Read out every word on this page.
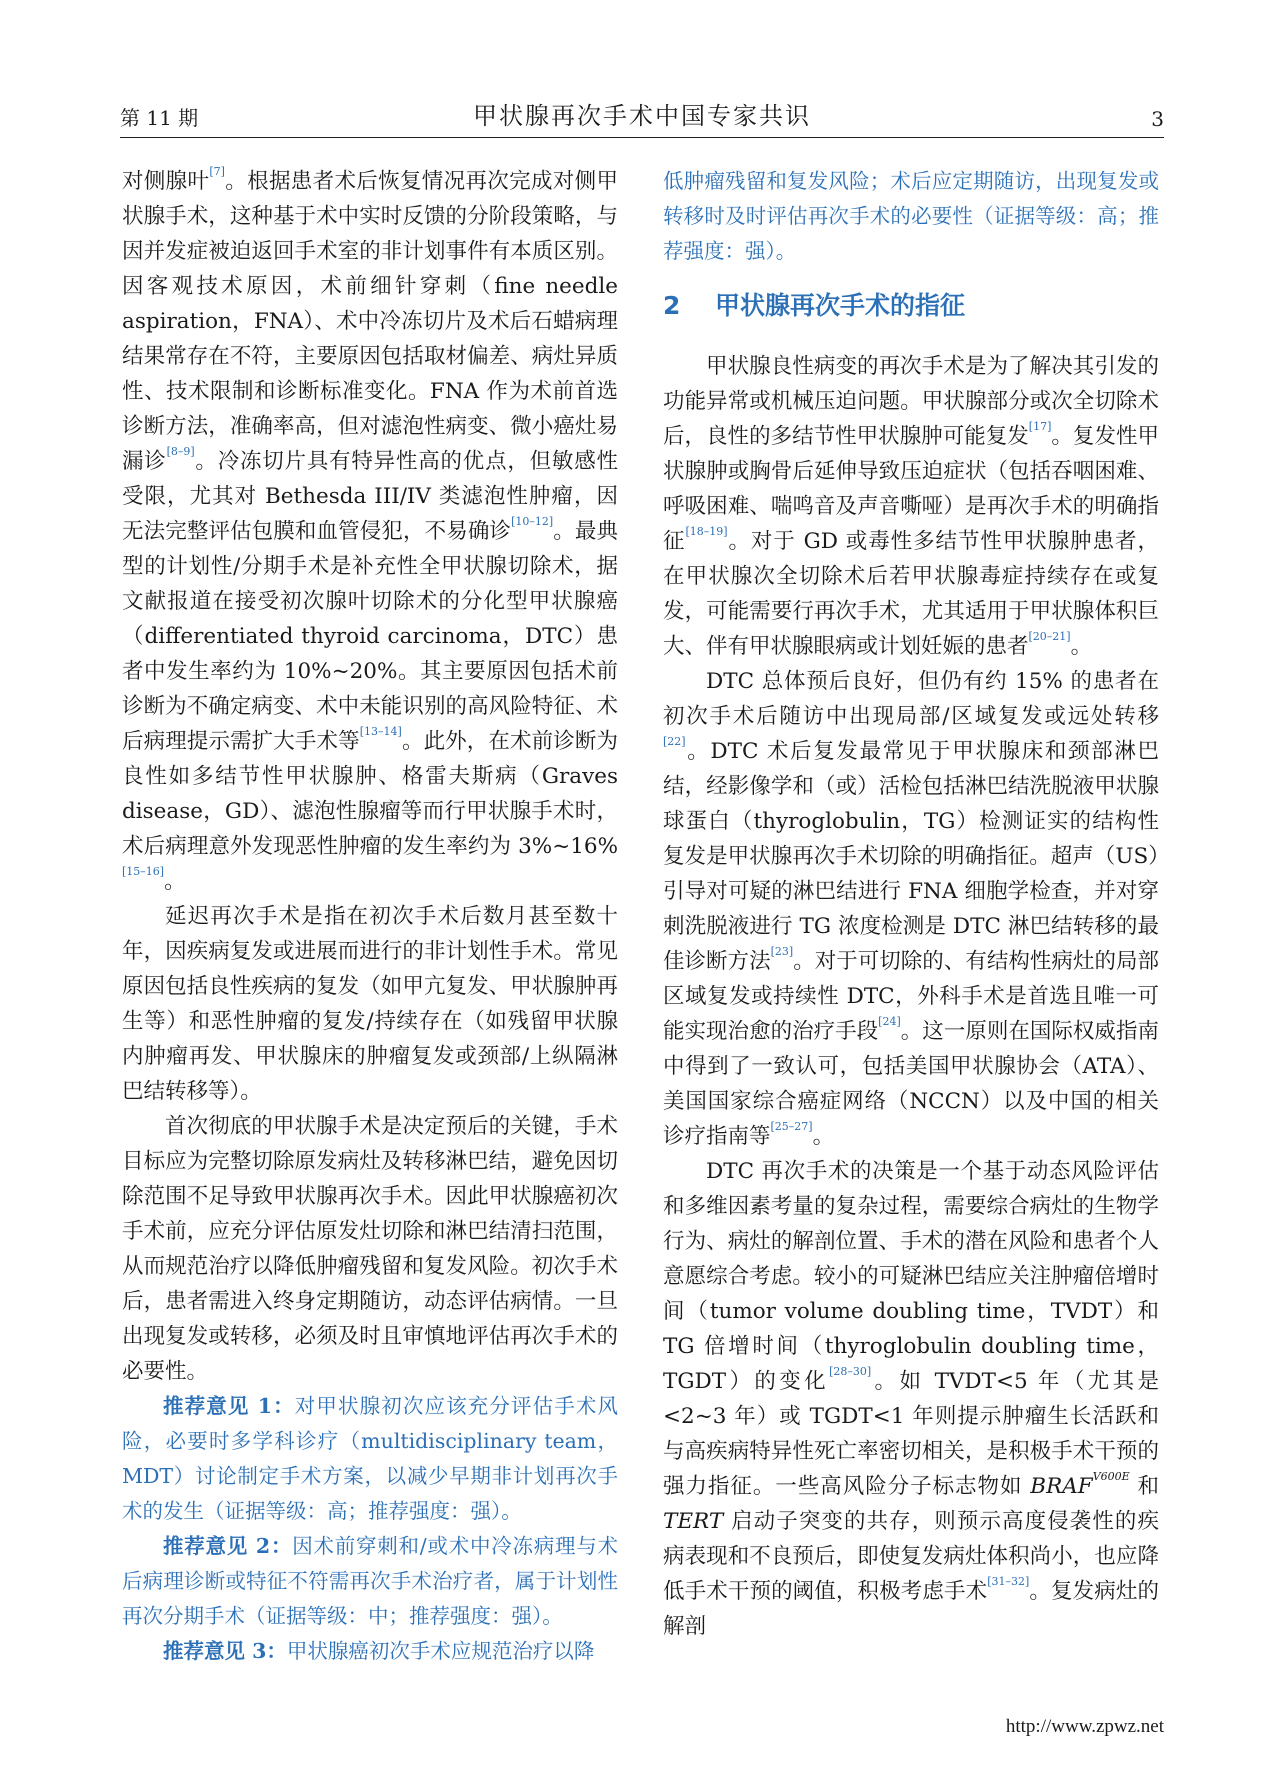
第 11 期	甲状腺再次手术中国专家共识	3

对侧腺叶[7]。根据患者术后恢复情况再次完成对侧甲状腺手术，这种基于术中实时反馈的分阶段策略，与因并发症被迫返回手术室的非计划事件有本质区别。因客观技术原因，术前细针穿刺（fine needle aspiration，FNA）、术中冷冻切片及术后石蜡病理结果常存在不符，主要原因包括取材偏差、病灶异质性、技术限制和诊断标准变化。FNA 作为术前首选诊断方法，准确率高，但对滤泡性病变、微小癌灶易漏诊[8–9]。冷冻切片具有特异性高的优点，但敏感性受限，尤其对 Bethesda III/IV 类滤泡性肿瘤，因无法完整评估包膜和血管侵犯，不易确诊[10–12]。最典型的计划性/分期手术是补充性全甲状腺切除术，据文献报道在接受初次腺叶切除术的分化型甲状腺癌（differentiated thyroid carcinoma，DTC）患者中发生率约为 10%~20%。其主要原因包括术前诊断为不确定病变、术中未能识别的高风险特征、术后病理提示需扩大手术等[13–14]。此外，在术前诊断为良性如多结节性甲状腺肿、格雷夫斯病（Graves disease，GD）、滤泡性腺瘤等而行甲状腺手术时，术后病理意外发现恶性肿瘤的发生率约为 3%~16%[15–16]。

延迟再次手术是指在初次手术后数月甚至数十年，因疾病复发或进展而进行的非计划性手术。常见原因包括良性疾病的复发（如甲亢复发、甲状腺肿再生等）和恶性肿瘤的复发/持续存在（如残留甲状腺内肿瘤再发、甲状腺床的肿瘤复发或颈部/上纵隔淋巴结转移等）。

首次彻底的甲状腺手术是决定预后的关键，手术目标应为完整切除原发病灶及转移淋巴结，避免因切除范围不足导致甲状腺再次手术。因此甲状腺癌初次手术前，应充分评估原发灶切除和淋巴结清扫范围，从而规范治疗以降低肿瘤残留和复发风险。初次手术后，患者需进入终身定期随访，动态评估病情。一旦出现复发或转移，必须及时且审慎地评估再次手术的必要性。

推荐意见 1：对甲状腺初次应该充分评估手术风险，必要时多学科诊疗（multidisciplinary team，MDT）讨论制定手术方案，以减少早期非计划再次手术的发生（证据等级：高；推荐强度：强）。

推荐意见 2：因术前穿刺和/或术中冷冻病理与术后病理诊断或特征不符需再次手术治疗者，属于计划性再次分期手术（证据等级：中；推荐强度：强）。

推荐意见 3：甲状腺癌初次手术应规范治疗以降

低肿瘤残留和复发风险；术后应定期随访，出现复发或转移时及时评估再次手术的必要性（证据等级：高；推荐强度：强）。

2 甲状腺再次手术的指征

甲状腺良性病变的再次手术是为了解决其引发的功能异常或机械压迫问题。甲状腺部分或次全切除术后，良性的多结节性甲状腺肿可能复发[17]。复发性甲状腺肿或胸骨后延伸导致压迫症状（包括吞咽困难、呼吸困难、喘鸣音及声音嘶哑）是再次手术的明确指征[18–19]。对于 GD 或毒性多结节性甲状腺肿患者，在甲状腺次全切除术后若甲状腺毒症持续存在或复发，可能需要行再次手术，尤其适用于甲状腺体积巨大、伴有甲状腺眼病或计划妊娠的患者[20–21]。

DTC 总体预后良好，但仍有约 15% 的患者在初次手术后随访中出现局部/区域复发或远处转移[22]。DTC 术后复发最常见于甲状腺床和颈部淋巴结，经影像学和（或）活检包括淋巴结洗脱液甲状腺球蛋白（thyroglobulin，TG）检测证实的结构性复发是甲状腺再次手术切除的明确指征。超声（US）引导对可疑的淋巴结进行 FNA 细胞学检查，并对穿刺洗脱液进行 TG 浓度检测是 DTC 淋巴结转移的最佳诊断方法[23]。对于可切除的、有结构性病灶的局部区域复发或持续性 DTC，外科手术是首选且唯一可能实现治愈的治疗手段[24]。这一原则在国际权威指南中得到了一致认可，包括美国甲状腺协会（ATA）、美国国家综合癌症网络（NCCN）以及中国的相关诊疗指南等[25–27]。

DTC 再次手术的决策是一个基于动态风险评估和多维因素考量的复杂过程，需要综合病灶的生物学行为、病灶的解剖位置、手术的潜在风险和患者个人意愿综合考虑。较小的可疑淋巴结应关注肿瘤倍增时间（tumor volume doubling time，TVDT）和 TG 倍增时间（thyroglobulin doubling time，TGDT）的变化[28–30]。如 TVDT<5 年（尤其是<2~3 年）或 TGDT<1 年则提示肿瘤生长活跃和与高疾病特异性死亡率密切相关，是积极手术干预的强力指征。一些高风险分子标志物如 $BRAF^{V600E}$ 和 TERT 启动子突变的共存，则预示高度侵袭性的疾病表现和不良预后，即使复发病灶体积尚小，也应降低手术干预的阈值，积极考虑手术[31–32]。复发病灶的解剖

http://www.zpwz.net
